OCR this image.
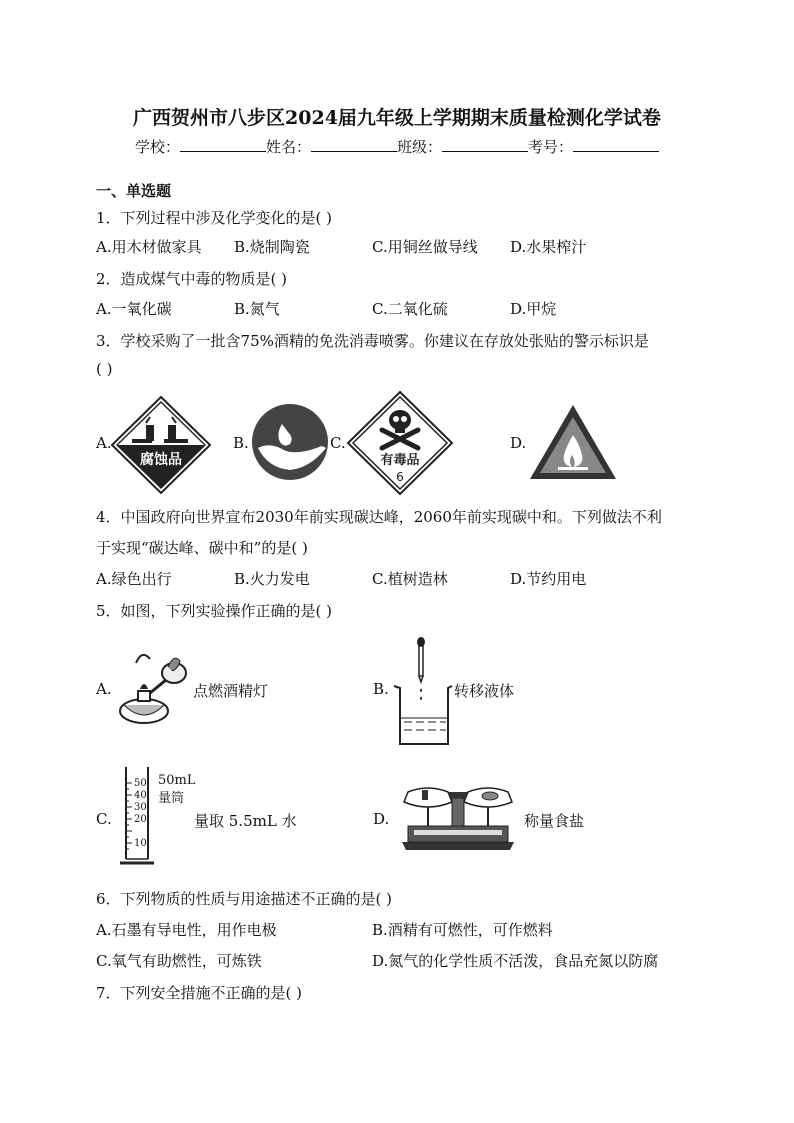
广西贺州市八步区2024届九年级上学期期末质量检测化学试卷
学校：	姓名：	班级：	考号：
一、单选题
1．下列过程中涉及化学变化的是( )
A.用木材做家具 B.烧制陶瓷	C.用铜丝做导线 D.水果榨汁
2．造成煤气中毒的物质是( )
A.一氧化碳	B.氮气	C.二氧化硫	D.甲烷
3．学校采购了一批含75%酒精的免洗消毒喷雾。你建议在存放处张贴的警示标识是
( )
A.
腐蚀品
B.	C.
有毒品
6
D.
4．中国政府向世界宣布2030年前实现碳达峰，2060年前实现碳中和。下列做法不利
于实现“碳达峰、碳中和”的是( )
A.绿色出行	B.火力发电	C.植树造林	D.节约用电
5．如图，下列实验操作正确的是( )
A.	点燃酒精灯	B.	转移液体
C.
50
40
30
20
10
50mL
量筒
量取 5.5mL 水	D.	称量食盐
6．下列物质的性质与用途描述不正确的是( )
A.石墨有导电性，用作电极	B.酒精有可燃性，可作燃料
C.氧气有助燃性，可炼铁	D.氮气的化学性质不活泼，食品充氮以防腐
7．下列安全措施不正确的是( )
